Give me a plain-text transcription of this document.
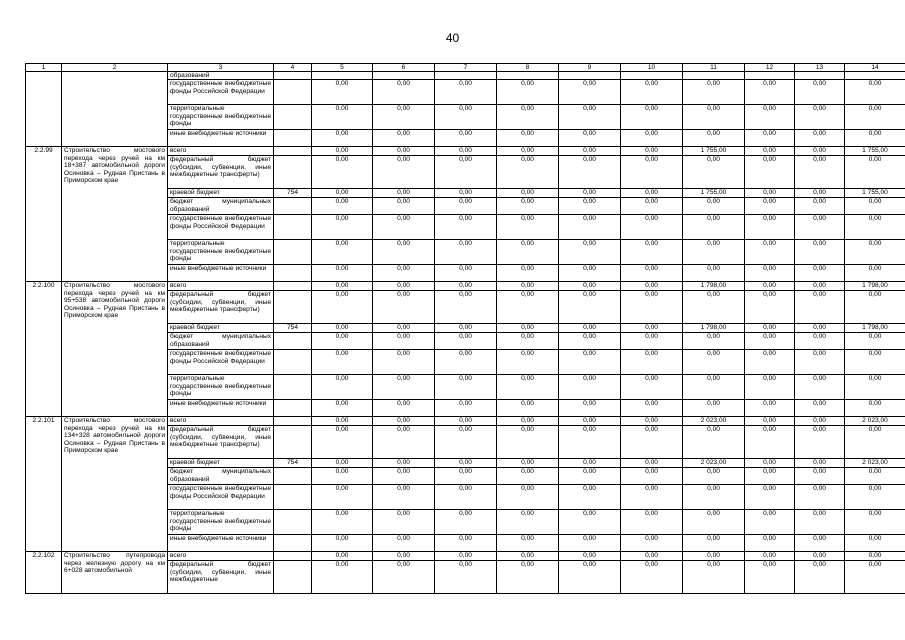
40
1	2	3	4	5	6	7	8	9	10	11	12	13	14
		образований											
		государственные внебюджетные фонды Российской Федерации		0,00	0,00	0,00	0,00	0,00	0,00	0,00	0,00	0,00	0,00
		территориальные государственные внебюджетные фонды		0,00	0,00	0,00	0,00	0,00	0,00	0,00	0,00	0,00	0,00
		иные внебюджетные источники		0,00	0,00	0,00	0,00	0,00	0,00	0,00	0,00	0,00	0,00
2.2.99	Строительство мостового перехода через ручей на км 18+387 автомобильной дороги Осиновка – Рудная Пристань в Приморском крае	всего		0,00	0,00	0,00	0,00	0,00	0,00	1 755,00	0,00	0,00	1 755,00
		федеральный бюджет (субсидии, субвенции, иные межбюджетные трансферты)		0,00	0,00	0,00	0,00	0,00	0,00	0,00	0,00	0,00	0,00
		краевой бюджет	754	0,00	0,00	0,00	0,00	0,00	0,00	1 755,00	0,00	0,00	1 755,00
		бюджет муниципальных образований		0,00	0,00	0,00	0,00	0,00	0,00	0,00	0,00	0,00	0,00
		государственные внебюджетные фонды Российской Федерации		0,00	0,00	0,00	0,00	0,00	0,00	0,00	0,00	0,00	0,00
		территориальные государственные внебюджетные фонды		0,00	0,00	0,00	0,00	0,00	0,00	0,00	0,00	0,00	0,00
		иные внебюджетные источники		0,00	0,00	0,00	0,00	0,00	0,00	0,00	0,00	0,00	0,00
2.2.100	Строительство мостового перехода через ручей на км 95+538 автомобильной дороги Осиновка – Рудная Пристань в Приморском крае	всего		0,00	0,00	0,00	0,00	0,00	0,00	1 798,00	0,00	0,00	1 798,00
		федеральный бюджет (субсидии, субвенции, иные межбюджетные трансферты)		0,00	0,00	0,00	0,00	0,00	0,00	0,00	0,00	0,00	0,00
		краевой бюджет	754	0,00	0,00	0,00	0,00	0,00	0,00	1 798,00	0,00	0,00	1 798,00
		бюджет муниципальных образований		0,00	0,00	0,00	0,00	0,00	0,00	0,00	0,00	0,00	0,00
		государственные внебюджетные фонды Российской Федерации		0,00	0,00	0,00	0,00	0,00	0,00	0,00	0,00	0,00	0,00
		территориальные государственные внебюджетные фонды		0,00	0,00	0,00	0,00	0,00	0,00	0,00	0,00	0,00	0,00
		иные внебюджетные источники		0,00	0,00	0,00	0,00	0,00	0,00	0,00	0,00	0,00	0,00
2.2.101	Строительство мостового перехода через ручей на км 134+328 автомобильной дороги Осиновка – Рудная Пристань в Приморском крае	всего		0,00	0,00	0,00	0,00	0,00	0,00	2 023,00	0,00	0,00	2 023,00
		федеральный бюджет (субсидии, субвенции, иные межбюджетные трансферты)		0,00	0,00	0,00	0,00	0,00	0,00	0,00	0,00	0,00	0,00
		краевой бюджет	754	0,00	0,00	0,00	0,00	0,00	0,00	2 023,00	0,00	0,00	2 023,00
		бюджет муниципальных образований		0,00	0,00	0,00	0,00	0,00	0,00	0,00	0,00	0,00	0,00
		государственные внебюджетные фонды Российской Федерации		0,00	0,00	0,00	0,00	0,00	0,00	0,00	0,00	0,00	0,00
		территориальные государственные внебюджетные фонды		0,00	0,00	0,00	0,00	0,00	0,00	0,00	0,00	0,00	0,00
		иные внебюджетные источники		0,00	0,00	0,00	0,00	0,00	0,00	0,00	0,00	0,00	0,00
2.2.102	Строительство путепровода через железную дорогу на км 6+028 автомобильной	всего		0,00	0,00	0,00	0,00	0,00	0,00	0,00	0,00	0,00	0,00
		федеральный бюджет (субсидии, субвенции, иные межбюджетные		0,00	0,00	0,00	0,00	0,00	0,00	0,00	0,00	0,00	0,00
